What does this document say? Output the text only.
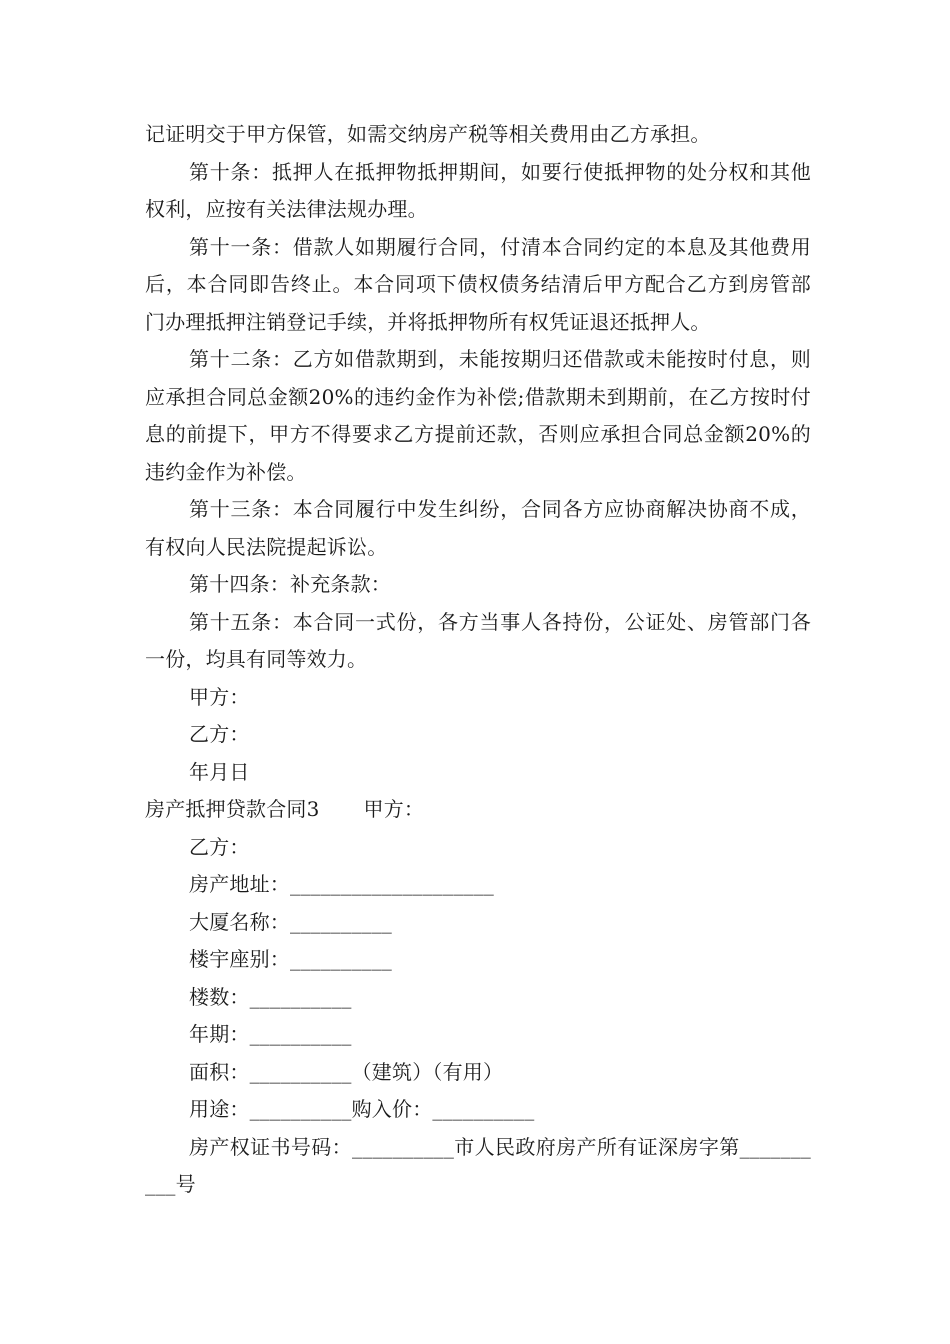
记证明交于甲方保管，如需交纳房产税等相关费用由乙方承担。

第十条：抵押人在抵押物抵押期间，如要行使抵押物的处分权和其他权利，应按有关法律法规办理。

第十一条：借款人如期履行合同，付清本合同约定的本息及其他费用后，本合同即告终止。本合同项下债权债务结清后甲方配合乙方到房管部门办理抵押注销登记手续，并将抵押物所有权凭证退还抵押人。

第十二条：乙方如借款期到，未能按期归还借款或未能按时付息，则应承担合同总金额20%的违约金作为补偿;借款期未到期前，在乙方按时付息的前提下，甲方不得要求乙方提前还款，否则应承担合同总金额20%的违约金作为补偿。

第十三条：本合同履行中发生纠纷，合同各方应协商解决协商不成，有权向人民法院提起诉讼。

第十四条：补充条款：

第十五条：本合同一式份，各方当事人各持份，公证处、房管部门各一份，均具有同等效力。

甲方：

乙方：

年月日

房产抵押贷款合同3 甲方：

乙方：

房产地址：____________________

大厦名称：__________

楼宇座别：__________

楼数：__________

年期：__________

面积：__________（建筑）（有用）

用途：__________购入价：__________

房产权证书号码：__________市人民政府房产所有证深房字第__________号
